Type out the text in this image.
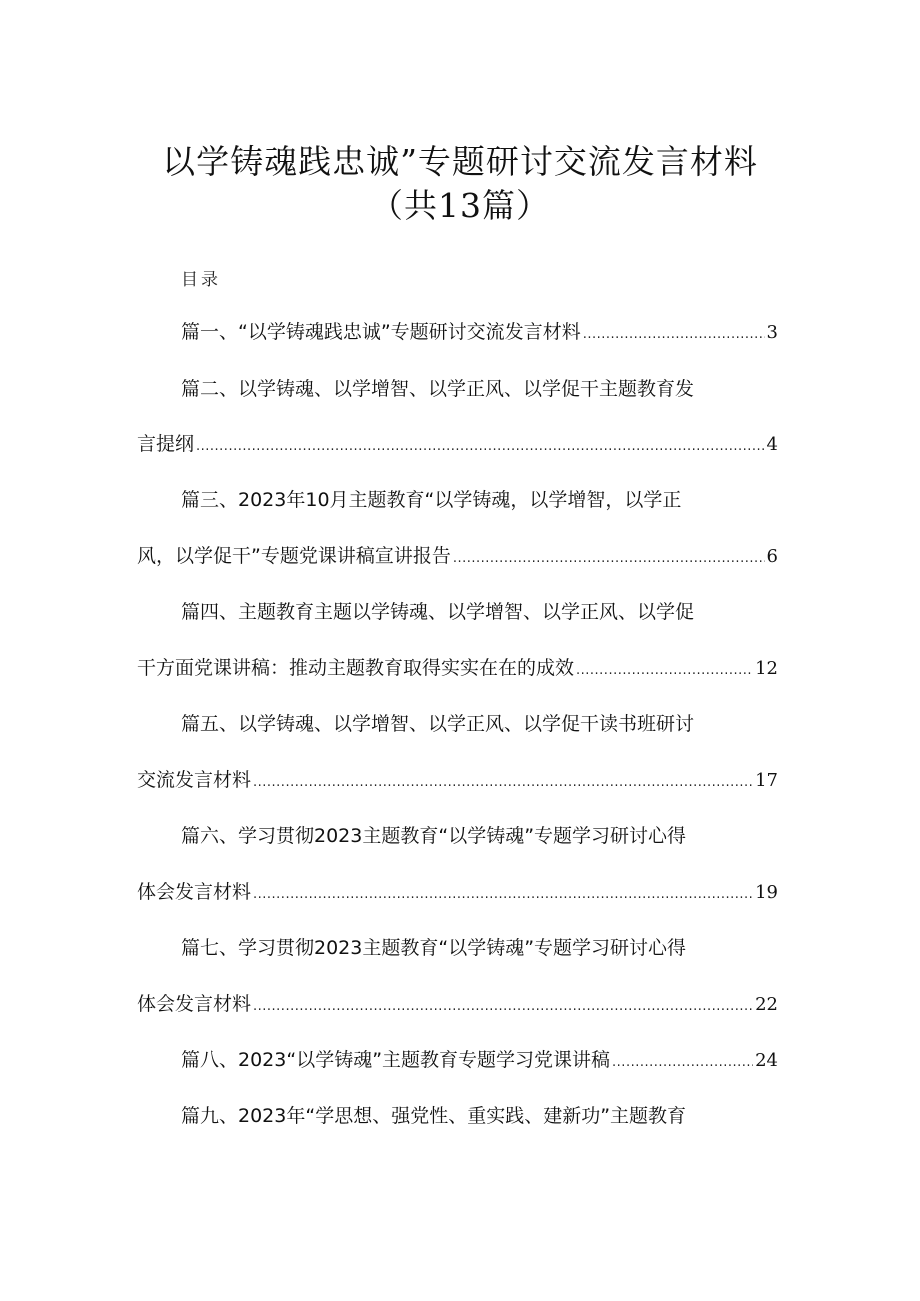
以学铸魂践忠诚”专题研讨交流发言材料
（共13篇）
目录
篇一、“以学铸魂践忠诚”专题研讨交流发言材料 .....	3
篇二、以学铸魂、以学增智、以学正风、以学促干主题教育发
言提纲 .....	4
篇三、2023年10月主题教育“以学铸魂，以学增智，以学正
风，以学促干”专题党课讲稿宣讲报告 .....	6
篇四、主题教育主题以学铸魂、以学增智、以学正风、以学促
干方面党课讲稿：推动主题教育取得实实在在的成效 .....	12
篇五、以学铸魂、以学增智、以学正风、以学促干读书班研讨
交流发言材料 .....	17
篇六、学习贯彻2023主题教育“以学铸魂”专题学习研讨心得
体会发言材料 .....	19
篇七、学习贯彻2023主题教育“以学铸魂”专题学习研讨心得
体会发言材料 .....	22
篇八、2023“以学铸魂”主题教育专题学习党课讲稿 .....	24
篇九、2023年“学思想、强党性、重实践、建新功”主题教育
